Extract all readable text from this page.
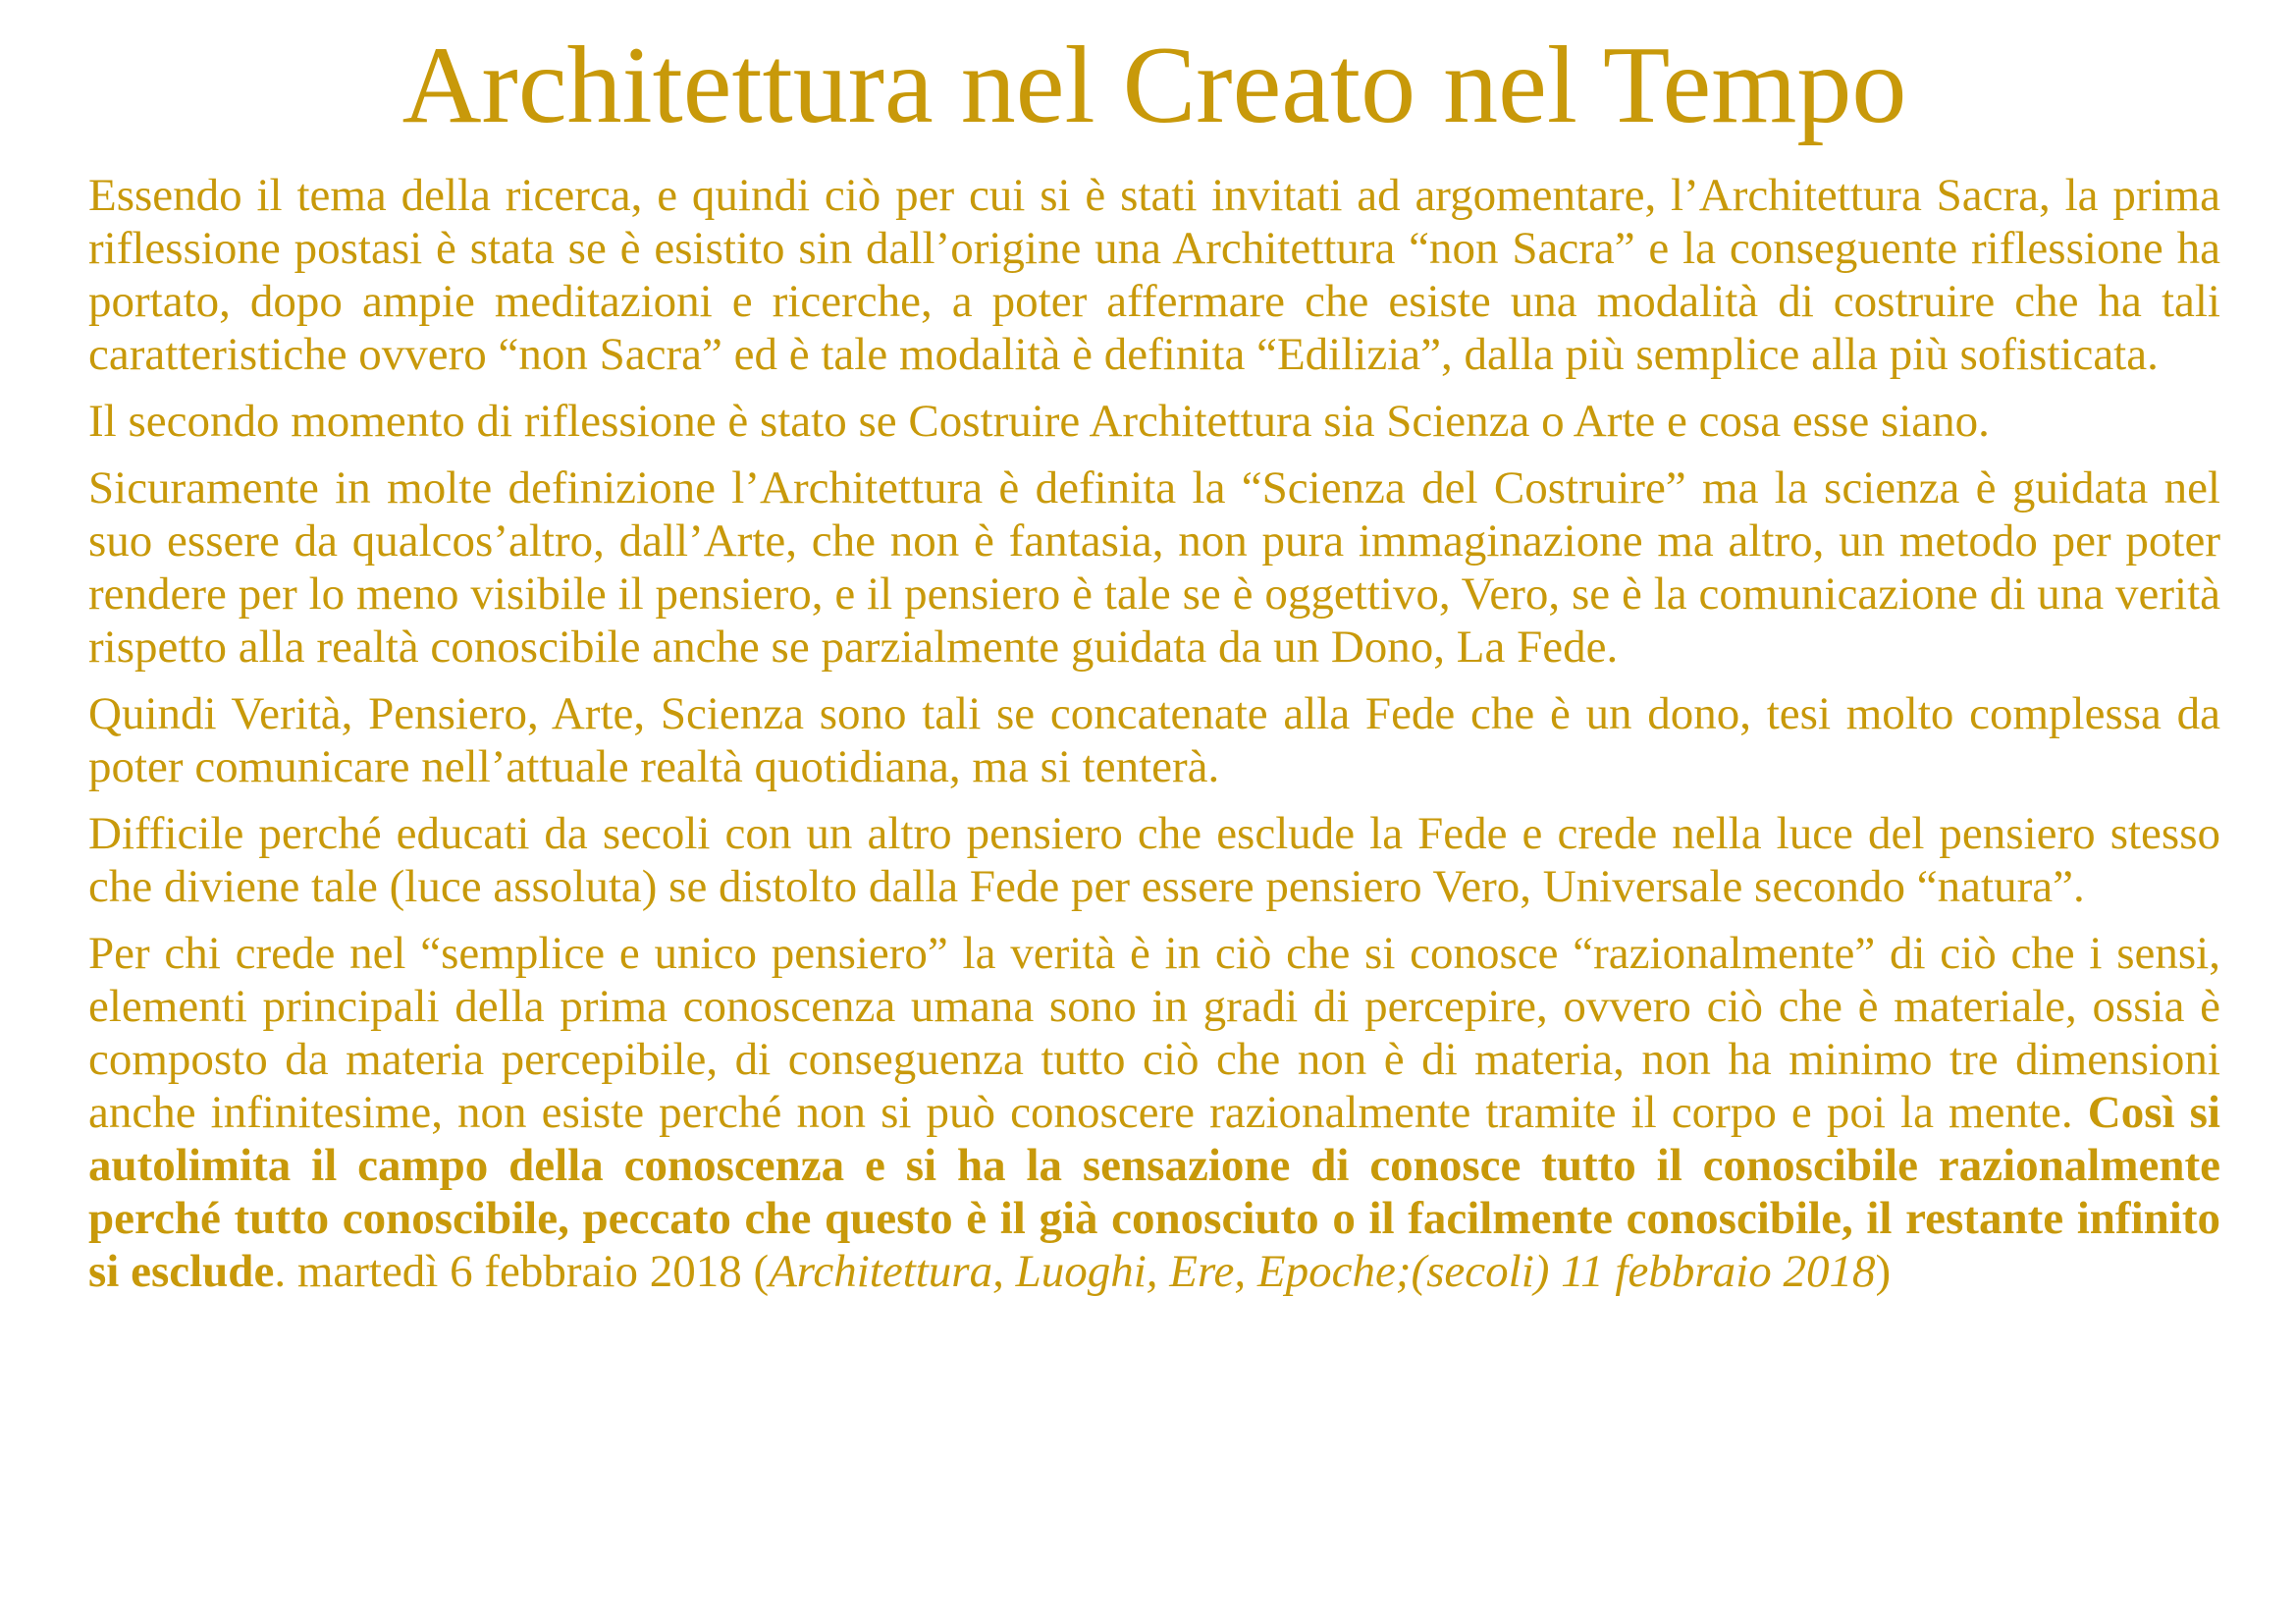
Architettura nel Creato nel Tempo

Essendo il tema della ricerca, e quindi ciò per cui si è stati invitati ad argomentare, l’Architettura Sacra, la prima riflessione postasi è stata se è esistito sin dall’origine una Architettura “non Sacra” e la conseguente riflessione ha portato, dopo ampie meditazioni e ricerche, a poter affermare che esiste una modalità di costruire che ha tali caratteristiche ovvero “non Sacra” ed è tale modalità è definita “Edilizia”, dalla più semplice alla più sofisticata.

Il secondo momento di riflessione è stato se Costruire Architettura sia Scienza o Arte e cosa esse siano.

Sicuramente in molte definizione l’Architettura è definita la “Scienza del Costruire” ma la scienza è guidata nel suo essere da qualcos’altro, dall’Arte, che non è fantasia, non pura immaginazione ma altro, un metodo per poter rendere per lo meno visibile il pensiero, e il pensiero è tale se è oggettivo, Vero, se è la comunicazione di una verità rispetto alla realtà conoscibile anche se parzialmente guidata da un Dono, La Fede.

Quindi Verità, Pensiero, Arte, Scienza sono tali se concatenate alla Fede che è un dono, tesi molto complessa da poter comunicare nell’attuale realtà quotidiana, ma si tenterà.

Difficile perché educati da secoli con un altro pensiero che esclude la Fede e crede nella luce del pensiero stesso che diviene tale (luce assoluta) se distolto dalla Fede per essere pensiero Vero, Universale secondo “natura”.

Per chi crede nel “semplice e unico pensiero” la verità è in ciò che si conosce “razionalmente” di ciò che i sensi, elementi principali della prima conoscenza umana sono in gradi di percepire, ovvero ciò che è materiale, ossia è composto da materia percepibile, di conseguenza tutto ciò che non è di materia, non ha minimo tre dimensioni anche infinitesime, non esiste perché non si può conoscere razionalmente tramite il corpo e poi la mente. Così si autolimita il campo della conoscenza e si ha la sensazione di conosce tutto il conoscibile razionalmente perché tutto conoscibile, peccato che questo è il già conosciuto o il facilmente conoscibile, il restante infinito si esclude. martedì 6 febbraio 2018 (Architettura, Luoghi, Ere, Epoche;(secoli) 11 febbraio 2018)
